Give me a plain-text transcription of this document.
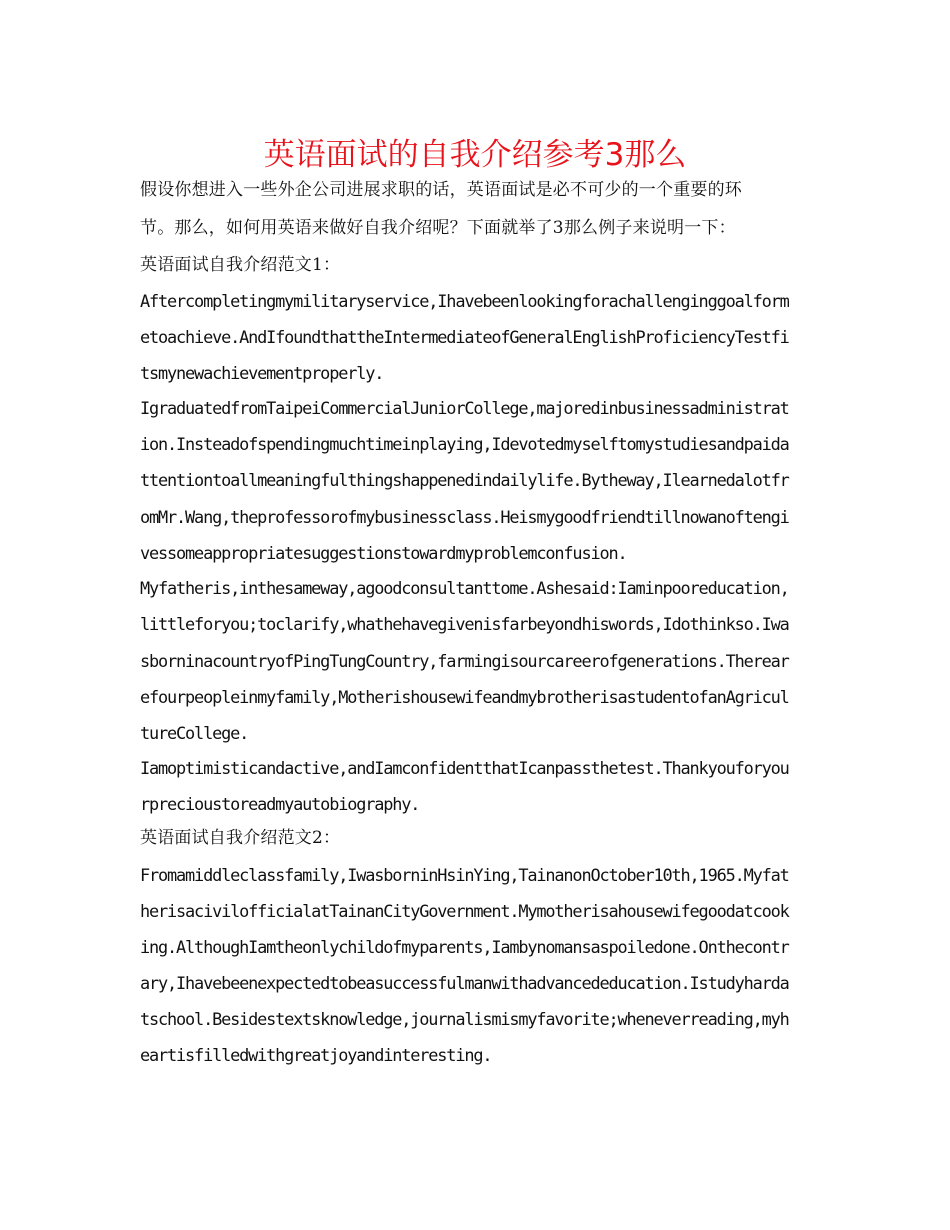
英语面试的自我介绍参考3那么

假设你想进入一些外企公司进展求职的话，英语面试是必不可少的一个重要的环

节。那么，如何用英语来做好自我介绍呢？下面就举了3那么例子来说明一下：

英语面试自我介绍范文1：

Aftercompletingmymilitaryservice,Ihavebeenlookingforachallenginggoalform

etoachieve.AndIfoundthattheIntermediateofGeneralEnglishProficiencyTestfi

tsmynewachievementproperly.

IgraduatedfromTaipeiCommercialJuniorCollege,majoredinbusinessadministrat

ion.Insteadofspendingmuchtimeinplaying,Idevotedmyselftomystudiesandpaida

ttentiontoallmeaningfulthingshappenedindailylife.Bytheway,Ilearnedalotfr

omMr.Wang,theprofessorofmybusinessclass.Heismygoodfriendtillnowanoftengi

vessomeappropriatesuggestionstowardmyproblemconfusion.

Myfatheris,inthesameway,agoodconsultanttome.Ashesaid:Iaminpooreducation,

littleforyou;toclarify,whathehavegivenisfarbeyondhiswords,Idothinkso.Iwa

sborninacountryofPingTungCountry,farmingisourcareerofgenerations.Therear

efourpeopleinmyfamily,MotherishousewifeandmybrotherisastudentofanAgricul

tureCollege.

Iamoptimisticandactive,andIamconfidentthatIcanpassthetest.Thankyouforyou

rprecioustoreadmyautobiography.

英语面试自我介绍范文2：

Fromamiddleclassfamily,IwasborninHsinYing,TainanonOctober10th,1965.Myfat

herisacivilofficialatTainanCityGovernment.Mymotherisahousewifegoodatcook

ing.AlthoughIamtheonlychildofmyparents,Iambynomansaspoiledone.Onthecontr

ary,Ihavebeenexpectedtobeasuccessfulmanwithadvancededucation.Istudyharda

tschool.Besidestextsknowledge,journalismismyfavorite;wheneverreading,myh

eartisfilledwithgreatjoyandinteresting.
